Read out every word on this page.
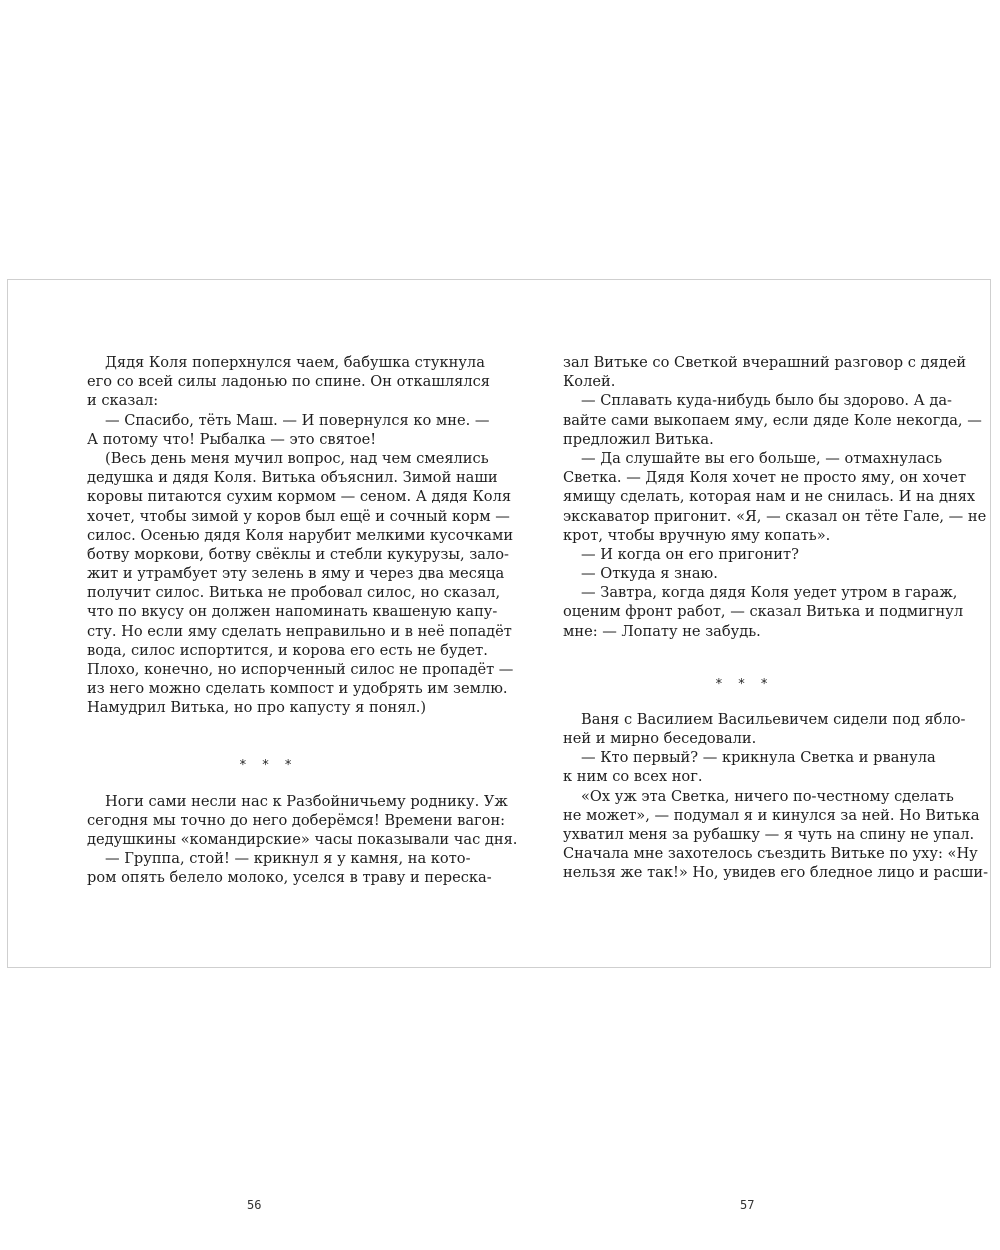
Дядя Коля поперхнулся чаем, бабушка стукнула
его со всей силы ладонью по спине. Он откашлялся
и сказал:
— Спасибо, тёть Маш. — И повернулся ко мне. —
А потому что! Рыбалка — это святое!
(Весь день меня мучил вопрос, над чем смеялись
дедушка и дядя Коля. Витька объяснил. Зимой наши
коровы питаются сухим кормом — сеном. А дядя Коля
хочет, чтобы зимой у коров был ещё и сочный корм —
силос. Осенью дядя Коля нарубит мелкими кусочками
ботву моркови, ботву свёклы и стебли кукурузы, зало-
жит и утрамбует эту зелень в яму и через два месяца
получит силос. Витька не пробовал силос, но сказал,
что по вкусу он должен напоминать квашеную капу-
сту. Но если яму сделать неправильно и в неё попадёт
вода, силос испортится, и корова его есть не будет.
Плохо, конечно, но испорченный силос не пропадёт —
из него можно сделать компост и удобрять им землю.
Намудрил Витька, но про капусту я понял.)
* * *
Ноги сами несли нас к Разбойничьему роднику. Уж
сегодня мы точно до него доберёмся! Времени вагон:
дедушкины «командирские» часы показывали час дня.
— Группа, стой! — крикнул я у камня, на кото-
ром опять белело молоко, уселся в траву и переска-
зал Витьке со Светкой вчерашний разговор с дядей
Колей.
— Сплавать куда-нибудь было бы здорово. А да-
вайте сами выкопаем яму, если дяде Коле некогда, —
предложил Витька.
— Да слушайте вы его больше, — отмахнулась
Светка. — Дядя Коля хочет не просто яму, он хочет
ямищу сделать, которая нам и не снилась. И на днях
экскаватор пригонит. «Я, — сказал он тёте Гале, — не
крот, чтобы вручную яму копать».
— И когда он его пригонит?
— Откуда я знаю.
— Завтра, когда дядя Коля уедет утром в гараж,
оценим фронт работ, — сказал Витька и подмигнул
мне: — Лопату не забудь.
* * *
Ваня с Василием Васильевичем сидели под ябло-
ней и мирно беседовали.
— Кто первый? — крикнула Светка и рванула
к ним со всех ног.
«Ох уж эта Светка, ничего по-честному сделать
не может», — подумал я и кинулся за ней. Но Витька
ухватил меня за рубашку — я чуть на спину не упал.
Сначала мне захотелось съездить Витьке по уху: «Ну
нельзя же так!» Но, увидев его бледное лицо и расши-
56	57
